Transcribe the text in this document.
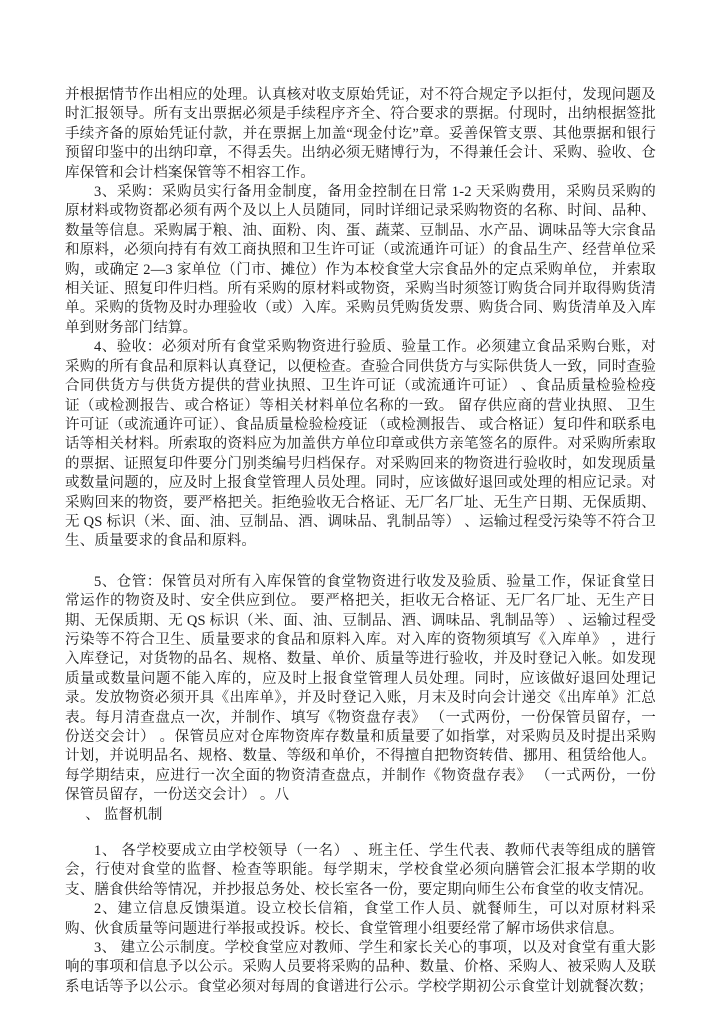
并根据情节作出相应的处理。认真核对收支原始凭证，对不符合规定予以拒付，发现问题及时汇报领导。所有支出票据必须是手续程序齐全、符合要求的票据。付现时，出纳根据签批手续齐备的原始凭证付款，并在票据上加盖“现金付讫”章。妥善保管支票、其他票据和银行预留印鉴中的出纳印章，不得丢失。出纳必须无赌博行为，不得兼任会计、采购、验收、仓库保管和会计档案保管等不相容工作。

3、采购：采购员实行备用金制度，备用金控制在日常 1-2 天采购费用，采购员采购的原材料或物资都必须有两个及以上人员随同，同时详细记录采购物资的名称、时间、品种、数量等信息。采购属于粮、油、面粉、肉、蛋、蔬菜、豆制品、水产品、调味品等大宗食品和原料，必须向持有有效工商执照和卫生许可证（或流通许可证）的食品生产、经营单位采购，或确定 2—3 家单位（门市、摊位）作为本校食堂大宗食品外的定点采购单位， 并索取相关证、照复印件归档。所有采购的原材料或物资，采购当时须签订购货合同并取得购货清单。采购的货物及时办理验收（或）入库。采购员凭购货发票、购货合同、购货清单及入库单到财务部门结算。

4、验收：必须对所有食堂采购物资进行验质、验量工作。必须建立食品采购台账，对采购的所有食品和原料认真登记，以便检查。查验合同供货方与实际供货人一致，同时查验合同供货方与供货方提供的营业执照、卫生许可证（或流通许可证） 、食品质量检验检疫证（或检测报告、或合格证）等相关材料单位名称的一致。 留存供应商的营业执照、 卫生许可证（或流通许可证）、食品质量检验检疫证 （或检测报告、 或合格证）复印件和联系电话等相关材料。所索取的资料应为加盖供方单位印章或供方亲笔签名的原件。对采购所索取的票据、证照复印件要分门别类编号归档保存。对采购回来的物资进行验收时，如发现质量或数量问题的，应及时上报食堂管理人员处理。同时，应该做好退回或处理的相应记录。对采购回来的物资，要严格把关。拒绝验收无合格证、无厂名厂址、无生产日期、无保质期、无 QS 标识（米、面、油、豆制品、酒、调味品、乳制品等） 、运输过程受污染等不符合卫生、质量要求的食品和原料。

5、仓管：保管员对所有入库保管的食堂物资进行收发及验质、验量工作，保证食堂日常运作的物资及时、安全供应到位。 要严格把关，拒收无合格证、无厂名厂址、无生产日期、无保质期、无 QS 标识（米、面、油、豆制品、酒、调味品、乳制品等） 、运输过程受污染等不符合卫生、质量要求的食品和原料入库。对入库的资物须填写《入库单》 ，进行入库登记，对货物的品名、规格、数量、单价、质量等进行验收，并及时登记入帐。如发现质量或数量问题不能入库的，应及时上报食堂管理人员处理。同时，应该做好退回处理记录。发放物资必须开具《出库单》，并及时登记入账，月末及时向会计递交《出库单》汇总表。每月清查盘点一次，并制作、填写《物资盘存表》 （一式两份，一份保管员留存，一份送交会计） 。保管员应对仓库物资库存数量和质量要了如指掌，对采购员及时提出采购计划，并说明品名、规格、数量、等级和单价，不得擅自把物资转借、挪用、租赁给他人。每学期结束，应进行一次全面的物资清查盘点，并制作《物资盘存表》 （一式两份，一份保管员留存，一份送交会计） 。八

、 监督机制

1、 各学校要成立由学校领导（一名） 、班主任、学生代表、教师代表等组成的膳管会，行使对食堂的监督、检查等职能。每学期末，学校食堂必须向膳管会汇报本学期的收支、膳食供给等情况，并抄报总务处、校长室各一份，要定期向师生公布食堂的收支情况。

2、建立信息反馈渠道。设立校长信箱，食堂工作人员、就餐师生，可以对原材料采购、伙食质量等问题进行举报或投诉。校长、食堂管理小组要经常了解市场供求信息。

3、 建立公示制度。学校食堂应对教师、学生和家长关心的事项，以及对食堂有重大影响的事项和信息予以公示。采购人员要将采购的品种、数量、价格、采购人、被采购人及联系电话等予以公示。食堂必须对每周的食谱进行公示。学校学期初公示食堂计划就餐次数；
